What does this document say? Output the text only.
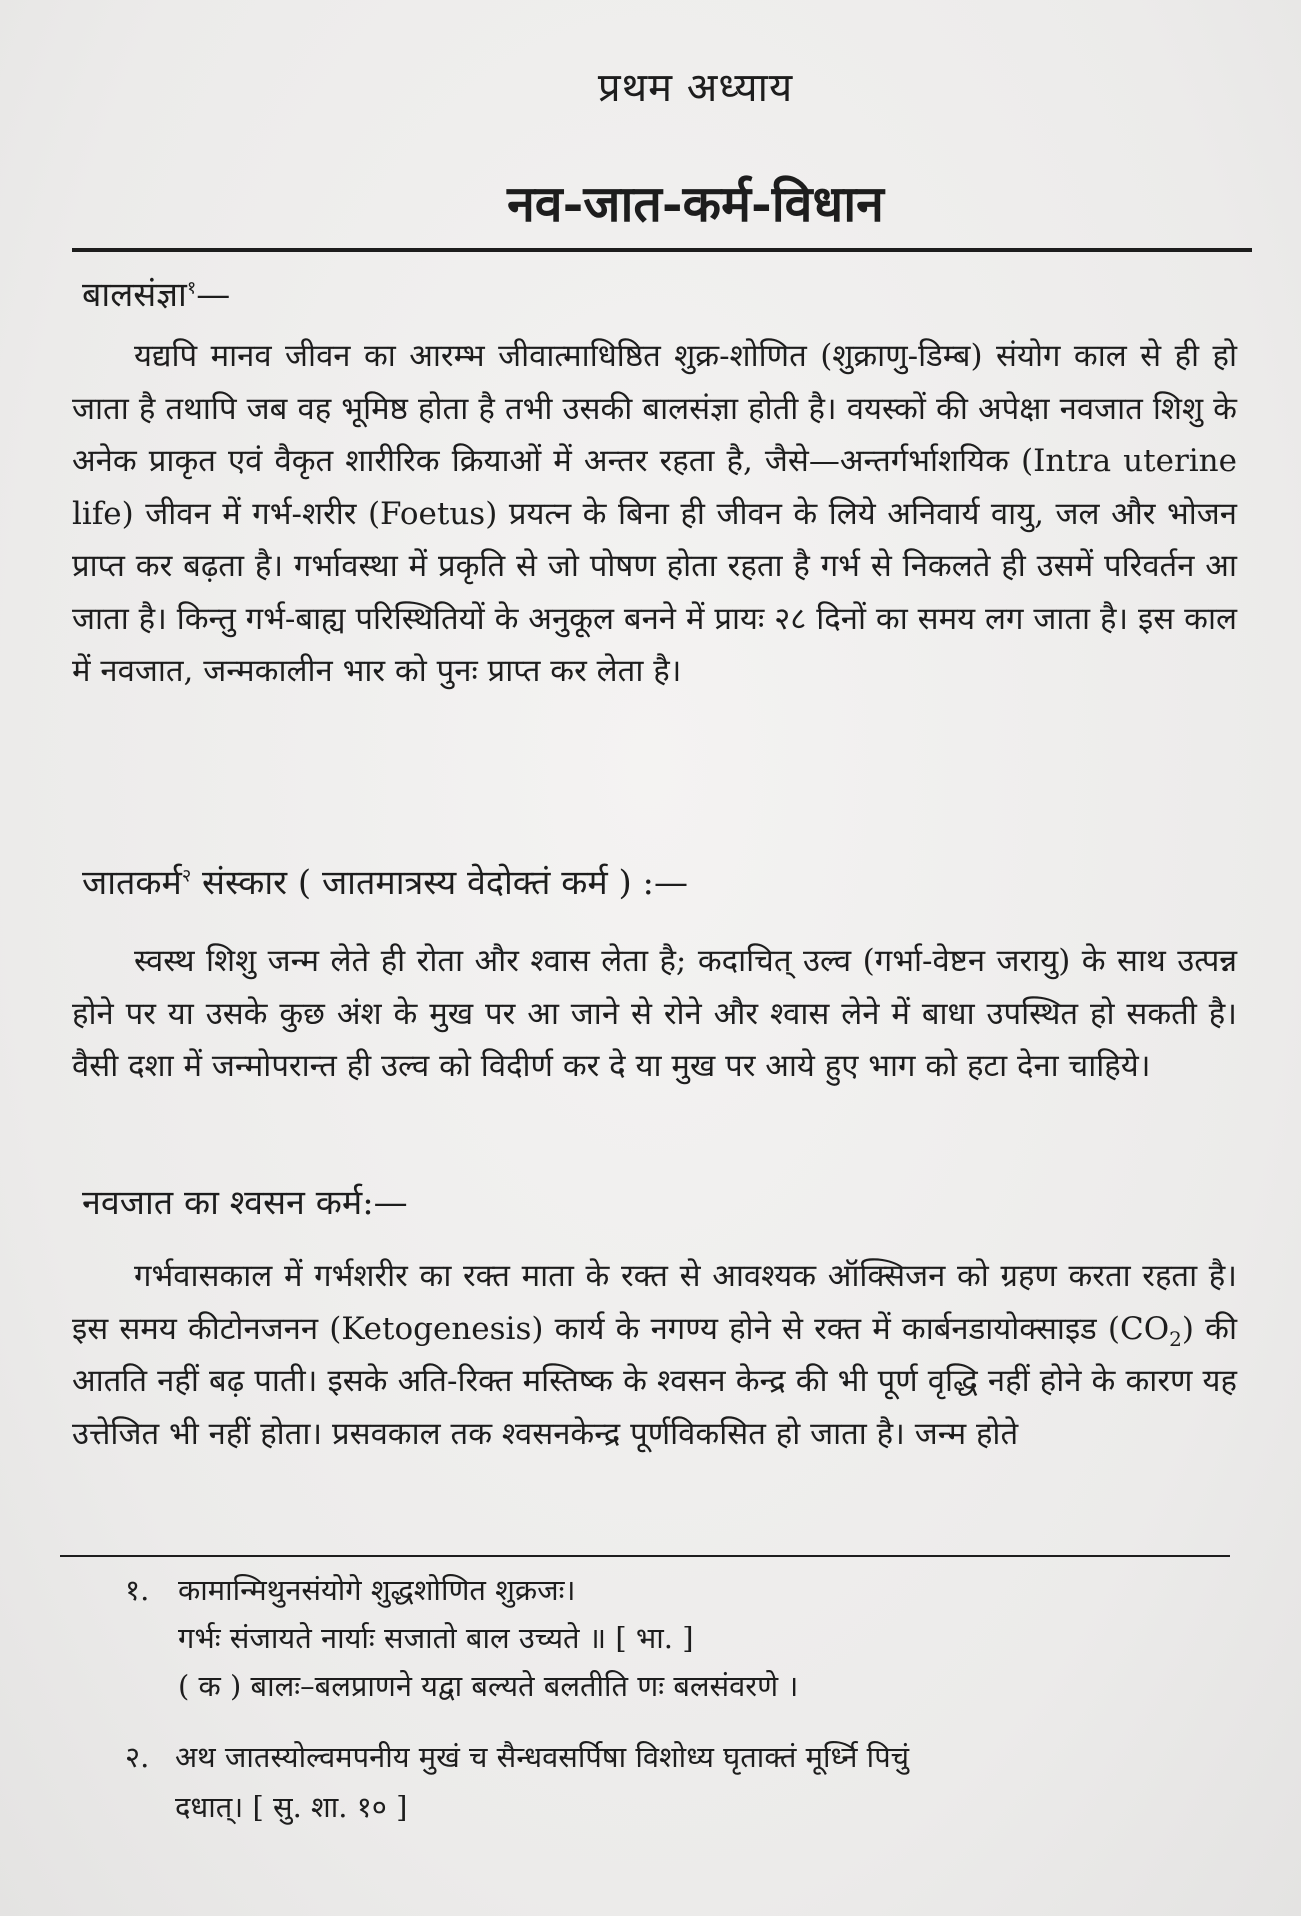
प्रथम अध्याय
नव-जात-कर्म-विधान
बालसंज्ञा$^१$—

यद्यपि मानव जीवन का आरम्भ जीवात्माधिष्ठित शुक्र-शोणित (शुक्राणु-डिम्ब) संयोग काल से ही हो जाता है तथापि जब वह भूमिष्ठ होता है तभी उसकी बालसंज्ञा होती है। वयस्कों की अपेक्षा नवजात शिशु के अनेक प्राकृत एवं वैकृत शारीरिक क्रियाओं में अन्तर रहता है, जैसे—अन्तर्गर्भाशयिक (Intra uterine life) जीवन में गर्भ-शरीर (Foetus) प्रयत्न के बिना ही जीवन के लिये अनिवार्य वायु, जल और भोजन प्राप्त कर बढ़ता है। गर्भावस्था में प्रकृति से जो पोषण होता रहता है गर्भ से निकलते ही उसमें परिवर्तन आ जाता है। किन्तु गर्भ-बाह्य परिस्थितियों के अनुकूल बनने में प्रायः २८ दिनों का समय लग जाता है। इस काल में नवजात, जन्मकालीन भार को पुनः प्राप्त कर लेता है।

जातकर्म$^२$ संस्कार ( जातमात्रस्य वेदोक्तं कर्म ) :—

स्वस्थ शिशु जन्म लेते ही रोता और श्वास लेता है; कदाचित् उल्व (गर्भा-वेष्टन जरायु) के साथ उत्पन्न होने पर या उसके कुछ अंश के मुख पर आ जाने से रोने और श्वास लेने में बाधा उपस्थित हो सकती है। वैसी दशा में जन्मोपरान्त ही उल्व को विदीर्ण कर दे या मुख पर आये हुए भाग को हटा देना चाहिये।

नवजात का श्वसन कर्म:—

गर्भवासकाल में गर्भशरीर का रक्त माता के रक्त से आवश्यक ऑक्सिजन को ग्रहण करता रहता है। इस समय कीटोनजनन (Ketogenesis) कार्य के नगण्य होने से रक्त में कार्बनडायोक्साइड $(CO_2)$ की आतति नहीं बढ़ पाती। इसके अति-रिक्त मस्तिष्क के श्वसन केन्द्र की भी पूर्ण वृद्धि नहीं होने के कारण यह उत्तेजित भी नहीं होता। प्रसवकाल तक श्वसनकेन्द्र पूर्णविकसित हो जाता है। जन्म होते

१. कामान्मिथुनसंयोगे शुद्धशोणित शुक्रजः।
गर्भः संजायते नार्याः सजातो बाल उच्यते ॥ [ भा. ]
( क ) बालः–बलप्राणने यद्वा बल्यते बलतीति णः बलसंवरणे ।
२. अथ जातस्योल्वमपनीय मुखं च सैन्धवसर्पिषा विशोध्य घृताक्तं मूर्ध्नि पिचुं
दधात्। [ सु. शा. १० ]
